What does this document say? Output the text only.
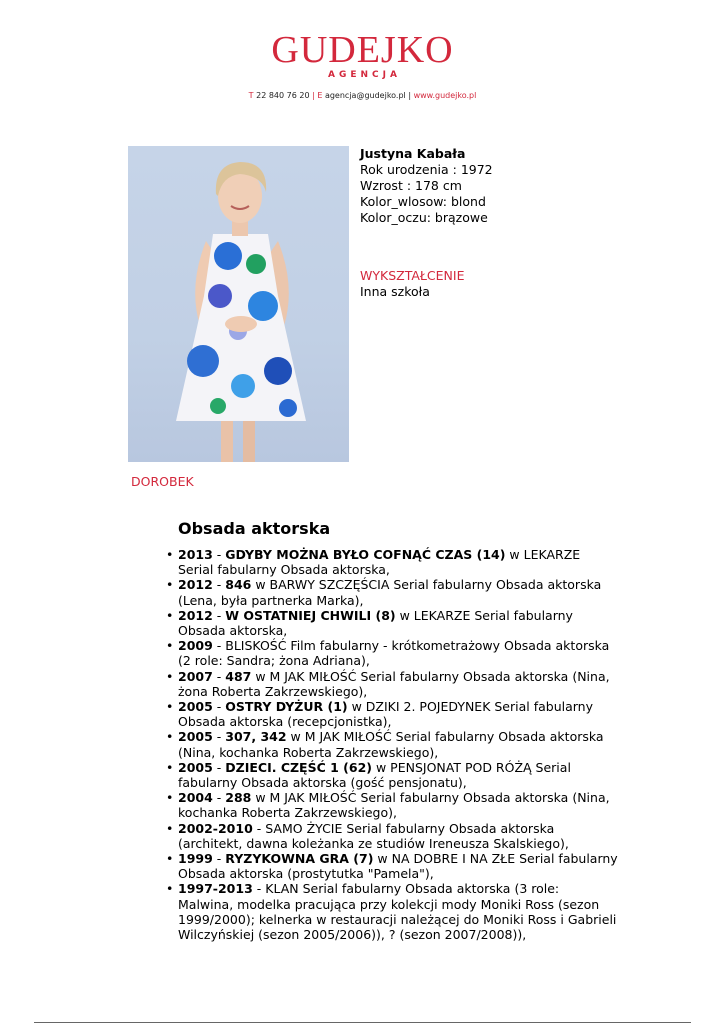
GUDEJKO
AGENCJA
T 22 840 76 20 | E agencja@gudejko.pl | www.gudejko.pl
Justyna Kabała
Rok urodzenia : 1972
Wzrost : 178 cm
Kolor_wlosow: blond
Kolor_oczu: brązowe
WYKSZTAŁCENIE
Inna szkoła
DOROBEK
Obsada aktorska
• 2013 - GDYBY MOŻNA BYŁO COFNĄĆ CZAS (14) w LEKARZE Serial fabularny Obsada aktorska,
• 2012 - 846 w BARWY SZCZĘŚCIA Serial fabularny Obsada aktorska (Lena, była partnerka Marka),
• 2012 - W OSTATNIEJ CHWILI (8) w LEKARZE Serial fabularny Obsada aktorska,
• 2009 - BLISKOŚĆ Film fabularny - krótkometrażowy Obsada aktorska (2 role: Sandra; żona Adriana),
• 2007 - 487 w M JAK MIŁOŚĆ Serial fabularny Obsada aktorska (Nina, żona Roberta Zakrzewskiego),
• 2005 - OSTRY DYŻUR (1) w DZIKI 2. POJEDYNEK Serial fabularny Obsada aktorska (recepcjonistka),
• 2005 - 307, 342 w M JAK MIŁOŚĆ Serial fabularny Obsada aktorska (Nina, kochanka Roberta Zakrzewskiego),
• 2005 - DZIECI. CZĘŚĆ 1 (62) w PENSJONAT POD RÓŻĄ Serial fabularny Obsada aktorska (gość pensjonatu),
• 2004 - 288 w M JAK MIŁOŚĆ Serial fabularny Obsada aktorska (Nina, kochanka Roberta Zakrzewskiego),
• 2002-2010 - SAMO ŻYCIE Serial fabularny Obsada aktorska (architekt, dawna koleżanka ze studiów Ireneusza Skalskiego),
• 1999 - RYZYKOWNA GRA (7) w NA DOBRE I NA ZŁE Serial fabularny Obsada aktorska (prostytutka "Pamela"),
• 1997-2013 - KLAN Serial fabularny Obsada aktorska (3 role: Malwina, modelka pracująca przy kolekcji mody Moniki Ross (sezon 1999/2000); kelnerka w restauracji należącej do Moniki Ross i Gabrieli Wilczyńskiej (sezon 2005/2006)), ? (sezon 2007/2008)),
